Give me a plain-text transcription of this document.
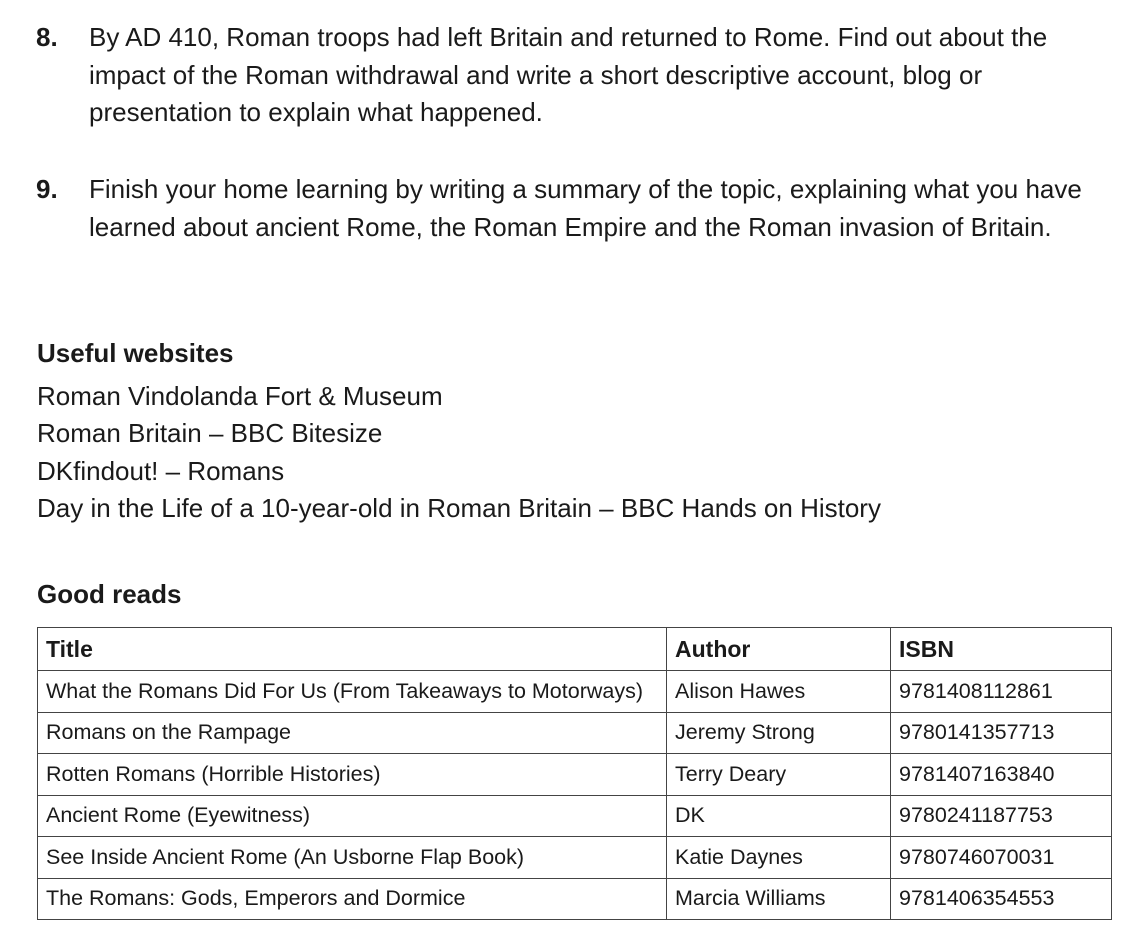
8. By AD 410, Roman troops had left Britain and returned to Rome. Find out about the impact of the Roman withdrawal and write a short descriptive account, blog or presentation to explain what happened.
9. Finish your home learning by writing a summary of the topic, explaining what you have learned about ancient Rome, the Roman Empire and the Roman invasion of Britain.
Useful websites
Roman Vindolanda Fort & Museum
Roman Britain – BBC Bitesize
DKfindout! – Romans
Day in the Life of a 10-year-old in Roman Britain – BBC Hands on History
Good reads
Title	Author	ISBN
What the Romans Did For Us (From Takeaways to Motorways)	Alison Hawes	9781408112861
Romans on the Rampage	Jeremy Strong	9780141357713
Rotten Romans (Horrible Histories)	Terry Deary	9781407163840
Ancient Rome (Eyewitness)	DK	9780241187753
See Inside Ancient Rome (An Usborne Flap Book)	Katie Daynes	9780746070031
The Romans: Gods, Emperors and Dormice	Marcia Williams	9781406354553
